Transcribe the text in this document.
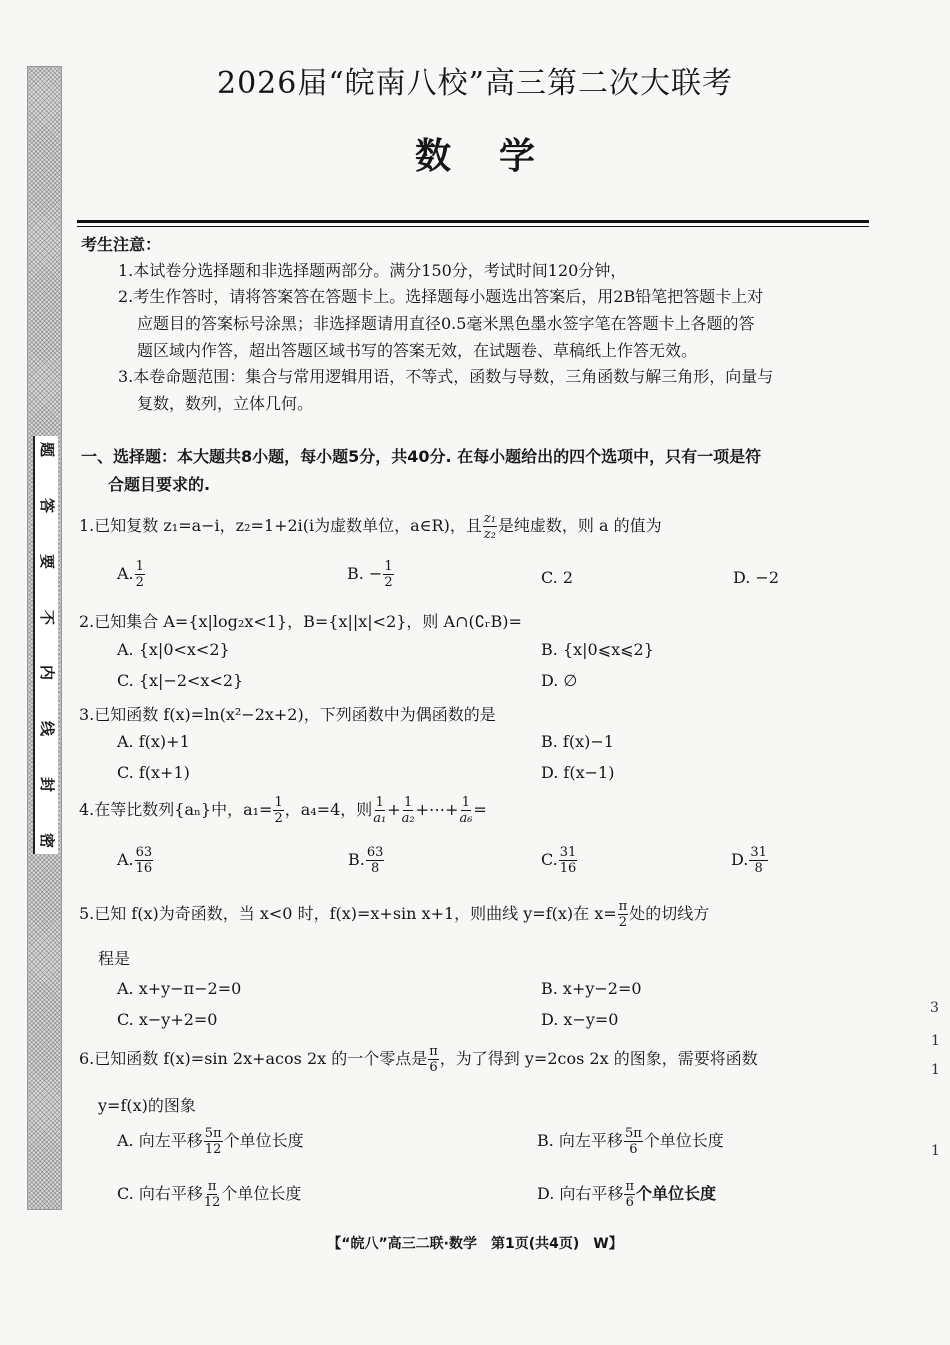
题
答
要
不
内
线
封
密
2026届“皖南八校”高三第二次大联考
数学
考生注意：
1.本试卷分选择题和非选择题两部分。满分150分，考试时间120分钟，
2.考生作答时，请将答案答在答题卡上。选择题每小题选出答案后，用2B铅笔把答题卡上对
应题目的答案标号涂黑；非选择题请用直径0.5毫米黑色墨水签字笔在答题卡上各题的答
题区域内作答，超出答题区域书写的答案无效，在试题卷、草稿纸上作答无效。
3.本卷命题范围：集合与常用逻辑用语，不等式，函数与导数，三角函数与解三角形，向量与
复数，数列，立体几何。
一、选择题：本大题共8小题，每小题5分，共40分. 在每小题给出的四个选项中，只有一项是符
合题目要求的.
1.已知复数 z₁=a−i，z₂=1+2i(i为虚数单位，a∈R)，且 $\frac{\text{z₁}}{\text{z₂}}$ 是纯虚数，则 a 的值为
A. $\frac{1}{2}$	B. − $\frac{1}{2}$	C. 2	D. −2
2.已知集合 A={x|log₂x<1}，B={x||x|<2}，则 A∩(∁ᵣB)=
A. {x|0<x<2}	B. {x|0⩽x⩽2}
C. {x|−2<x<2}	D. ∅
3.已知函数 f(x)=ln(x²−2x+2)，下列函数中为偶函数的是
A. f(x)+1	B. f(x)−1
C. f(x+1)	D. f(x−1)
4.在等比数列{aₙ}中，$a_1= \frac{1}{2}$ ，a₄=4，则 $\frac{1}{\text{a₁}} + \frac{1}{\text{a₂}}$ +⋯+ $\frac{1}{\text{a₆}}$ =
A. $\frac{63}{16}$	B. $\frac{63}{8}$	C. $\frac{31}{16}$	D. $\frac{31}{8}$
5.已知 f(x)为奇函数，当 x<0 时，f(x)=x+sin x+1，则曲线 y=f(x)在 $x= \frac{\pi}{2}$ 处的切线方
程是
A. x+y−π−2=0	B. x+y−2=0
C. x−y+2=0	D. x−y=0
6.已知函数 f(x)=sin 2x+acos 2x 的一个零点是 $\frac{\pi}{6}$ ，为了得到 y=2cos 2x 的图象，需要将函数
y=f(x)的图象
A. 向左平移 $\frac{5\pi}{12}$ 个单位长度	B. 向左平移 $\frac{5\pi}{6}$ 个单位长度
C. 向右平移 $\frac{\pi}{12}$ 个单位长度	D. 向右平移 $\frac{\pi}{6}$ 个单位长度
【“皖八”高三二联·数学　第1页(共4页)　W】
3
1
1
1
